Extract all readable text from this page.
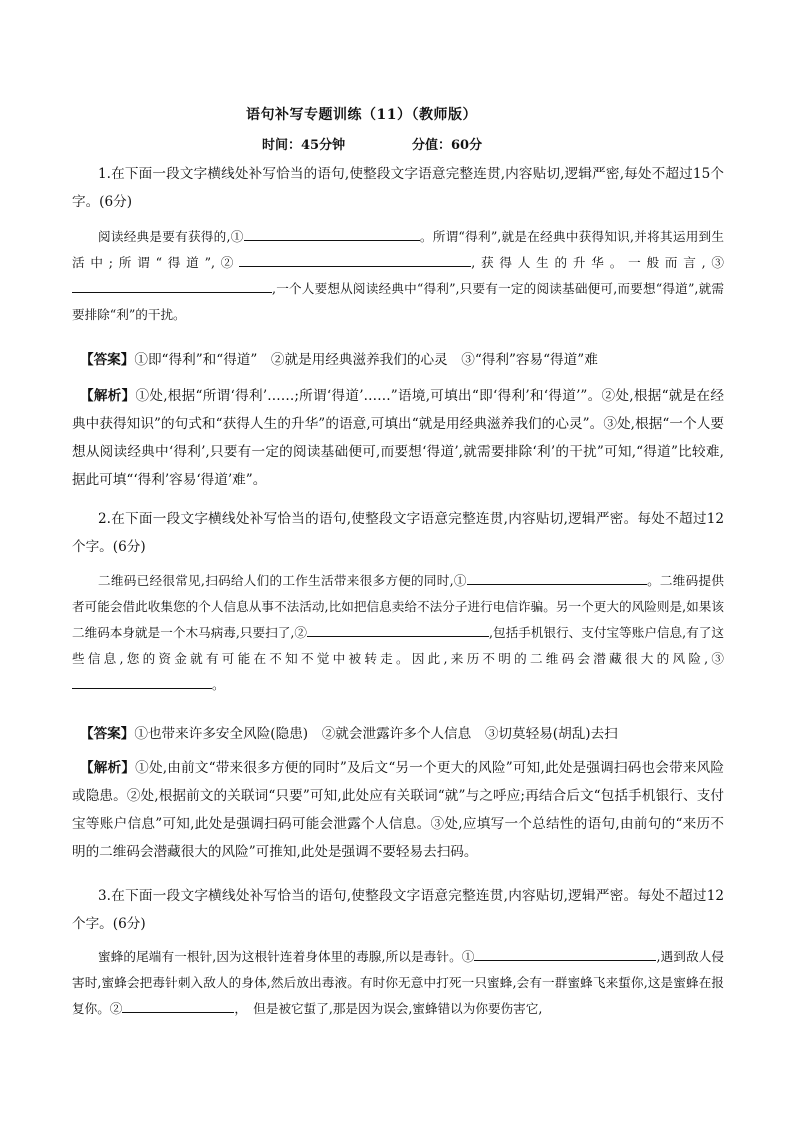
语句补写专题训练（11）（教师版）
时间：45分钟	分值：60分
1.在下面一段文字横线处补写恰当的语句,使整段文字语意完整连贯,内容贴切,逻辑严密,每处不超过15个字。(6分)
阅读经典是要有获得的,①	。所谓“得利”,就是在经典中获得知识,并将其运用到生活中;所谓“得道”,②	,获得人生的升华。一般而言,③,一个人要想从阅读经典中“得利”,只要有一定的阅读基础便可,而要想“得道”,就需要排除“利”的干扰。
【答案】①即“得利”和“得道”　②就是用经典滋养我们的心灵　③“得利”容易“得道”难
【解析】①处,根据“所谓‘得利’……;所谓‘得道’……”语境,可填出“即‘得利’和‘得道’”。②处,根据“就是在经典中获得知识”的句式和“获得人生的升华”的语意,可填出“就是用经典滋养我们的心灵”。③处,根据“一个人要想从阅读经典中‘得利’,只要有一定的阅读基础便可,而要想‘得道’,就需要排除‘利’的干扰”可知,“得道”比较难,据此可填“‘得利’容易‘得道’难”。
2.在下面一段文字横线处补写恰当的语句,使整段文字语意完整连贯,内容贴切,逻辑严密。每处不超过12个字。(6分)
二维码已经很常见,扫码给人们的工作生活带来很多方便的同时,①	。二维码提供者可能会借此收集您的个人信息从事不法活动,比如把信息卖给不法分子进行电信诈骗。另一个更大的风险则是,如果该二维码本身就是一个木马病毒,只要扫了,②	,包括手机银行、支付宝等账户信息,有了这些信息,您的资金就有可能在不知不觉中被转走。因此,来历不明的二维码会潜藏很大的风险,③。
【答案】①也带来许多安全风险(隐患)　②就会泄露许多个人信息　③切莫轻易(胡乱)去扫
【解析】①处,由前文“带来很多方便的同时”及后文“另一个更大的风险”可知,此处是强调扫码也会带来风险或隐患。②处,根据前文的关联词“只要”可知,此处应有关联词“就”与之呼应;再结合后文“包括手机银行、支付宝等账户信息”可知,此处是强调扫码可能会泄露个人信息。③处,应填写一个总结性的语句,由前句的“来历不明的二维码会潜藏很大的风险”可推知,此处是强调不要轻易去扫码。
3.在下面一段文字横线处补写恰当的语句,使整段文字语意完整连贯,内容贴切,逻辑严密。每处不超过12个字。(6分)
蜜蜂的尾端有一根针,因为这根针连着身体里的毒腺,所以是毒针。①	,遇到敌人侵害时,蜜蜂会把毒针刺入敌人的身体,然后放出毒液。有时你无意中打死一只蜜蜂,会有一群蜜蜂飞来蜇你,这是蜜蜂在报复你。②	，　但是被它蜇了,那是因为误会,蜜蜂错以为你要伤害它,
